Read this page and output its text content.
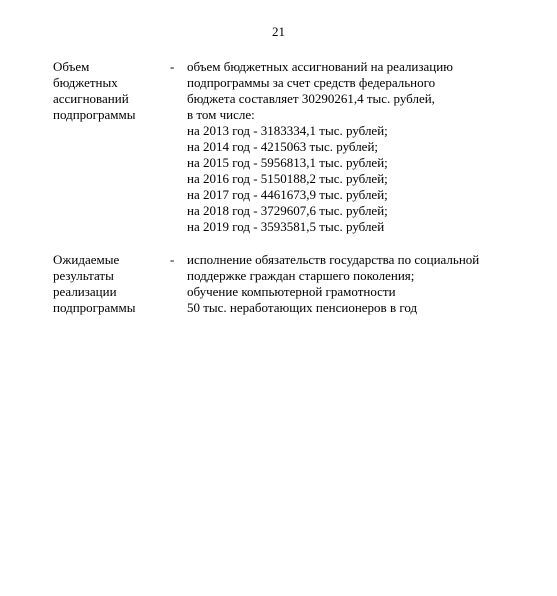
21
Объем
бюджетных
ассигнований
подпрограммы
- объем бюджетных ассигнований на реализацию
подпрограммы за счет средств федерального
бюджета составляет 30290261,4 тыс. рублей,
в том числе:
на 2013 год - 3183334,1 тыс. рублей;
на 2014 год - 4215063 тыс. рублей;
на 2015 год - 5956813,1 тыс. рублей;
на 2016 год - 5150188,2 тыс. рублей;
на 2017 год - 4461673,9 тыс. рублей;
на 2018 год - 3729607,6 тыс. рублей;
на 2019 год - 3593581,5 тыс. рублей
Ожидаемые
результаты
реализации
подпрограммы
- исполнение обязательств государства по социальной
поддержке граждан старшего поколения;
обучение компьютерной грамотности
50 тыс. неработающих пенсионеров в год
